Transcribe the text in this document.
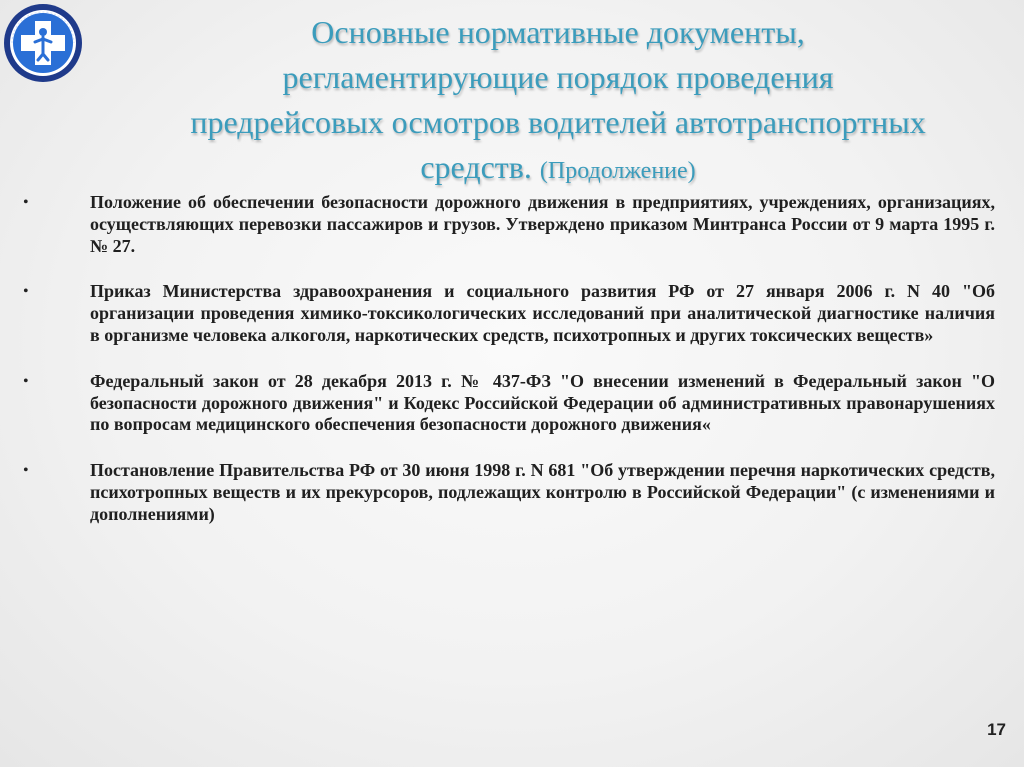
Основные нормативные документы,
регламентирующие порядок проведения
предрейсовых осмотров водителей автотранспортных
средств. (Продолжение)
•	Положение об обеспечении безопасности дорожного движения в предприятиях, учреждениях, организациях, осуществляющих перевозки пассажиров и грузов. Утверждено приказом Минтранса России от 9 марта 1995 г. № 27.
•	Приказ Министерства здравоохранения и социального развития РФ от 27 января 2006 г. N 40 "Об организации проведения химико-токсикологических исследований при аналитической диагностике наличия в организме человека алкоголя, наркотических средств, психотропных и других токсических веществ»
•	Федеральный закон от 28 декабря 2013 г. № 437-ФЗ "О внесении изменений в Федеральный закон "О безопасности дорожного движения" и Кодекс Российской Федерации об административных правонарушениях по вопросам медицинского обеспечения безопасности дорожного движения«
•	Постановление Правительства РФ от 30 июня 1998 г. N 681 "Об утверждении перечня наркотических средств, психотропных веществ и их прекурсоров, подлежащих контролю в Российской Федерации" (с изменениями и дополнениями)
17
